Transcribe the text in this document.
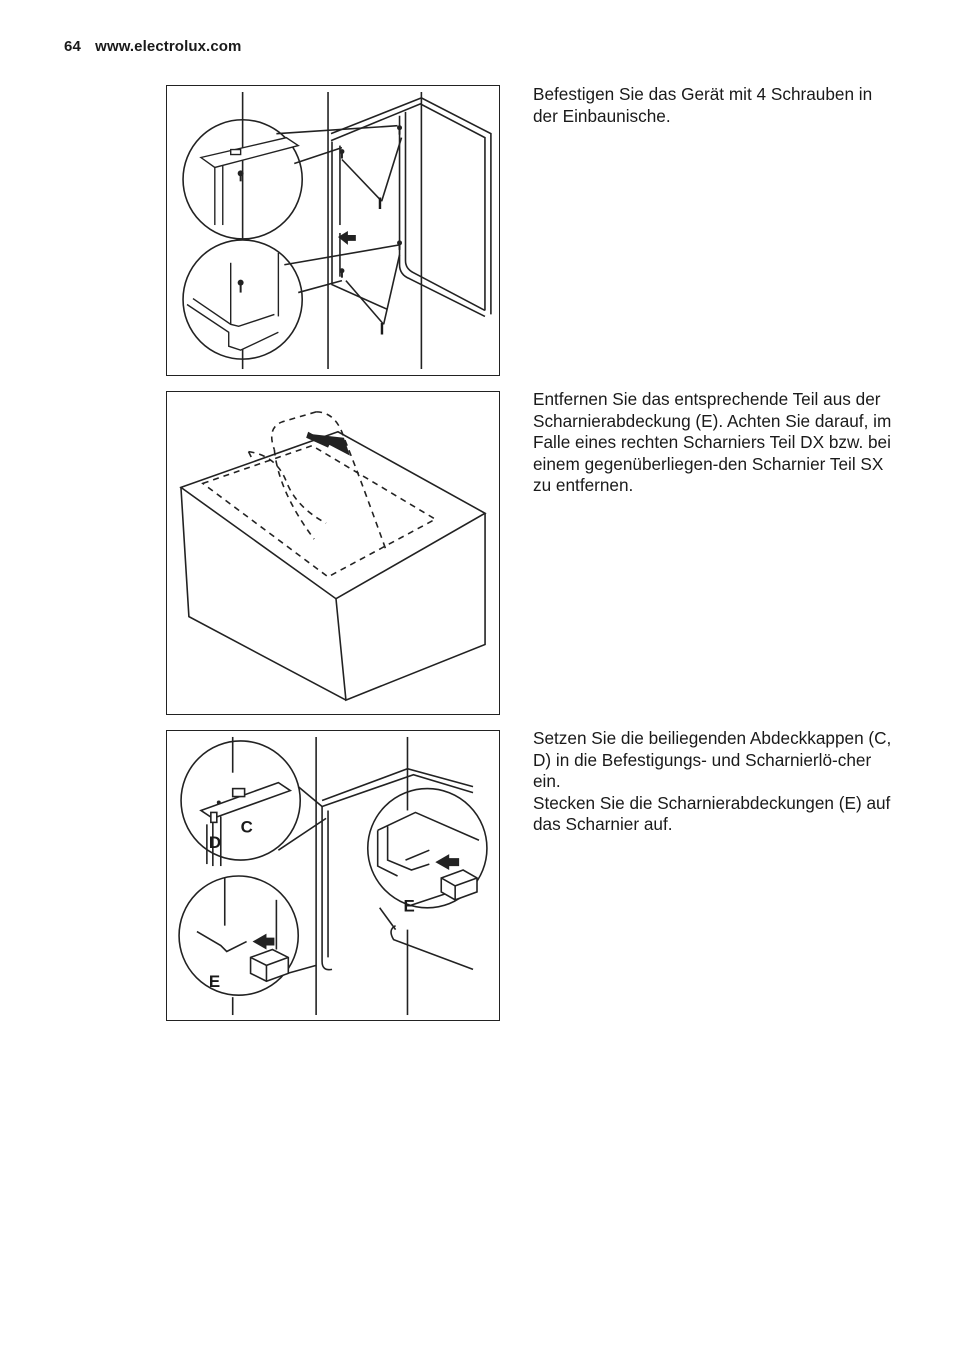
64 www.electrolux.com
I
I

Befestigen Sie das Gerät mit 4 Schrauben in der Einbaunische.

Entfernen Sie das entsprechende Teil aus der Scharnierabdeckung (E). Achten Sie darauf, im Falle eines rechten Scharniers Teil DX bzw. bei einem gegenüberliegen-den Scharnier Teil SX zu entfernen.

C
D
E
E

Setzen Sie die beiliegenden Abdeckkappen (C, D) in die Befestigungs- und Scharnierlö-cher ein.

Stecken Sie die Scharnierabdeckungen (E) auf das Scharnier auf.
